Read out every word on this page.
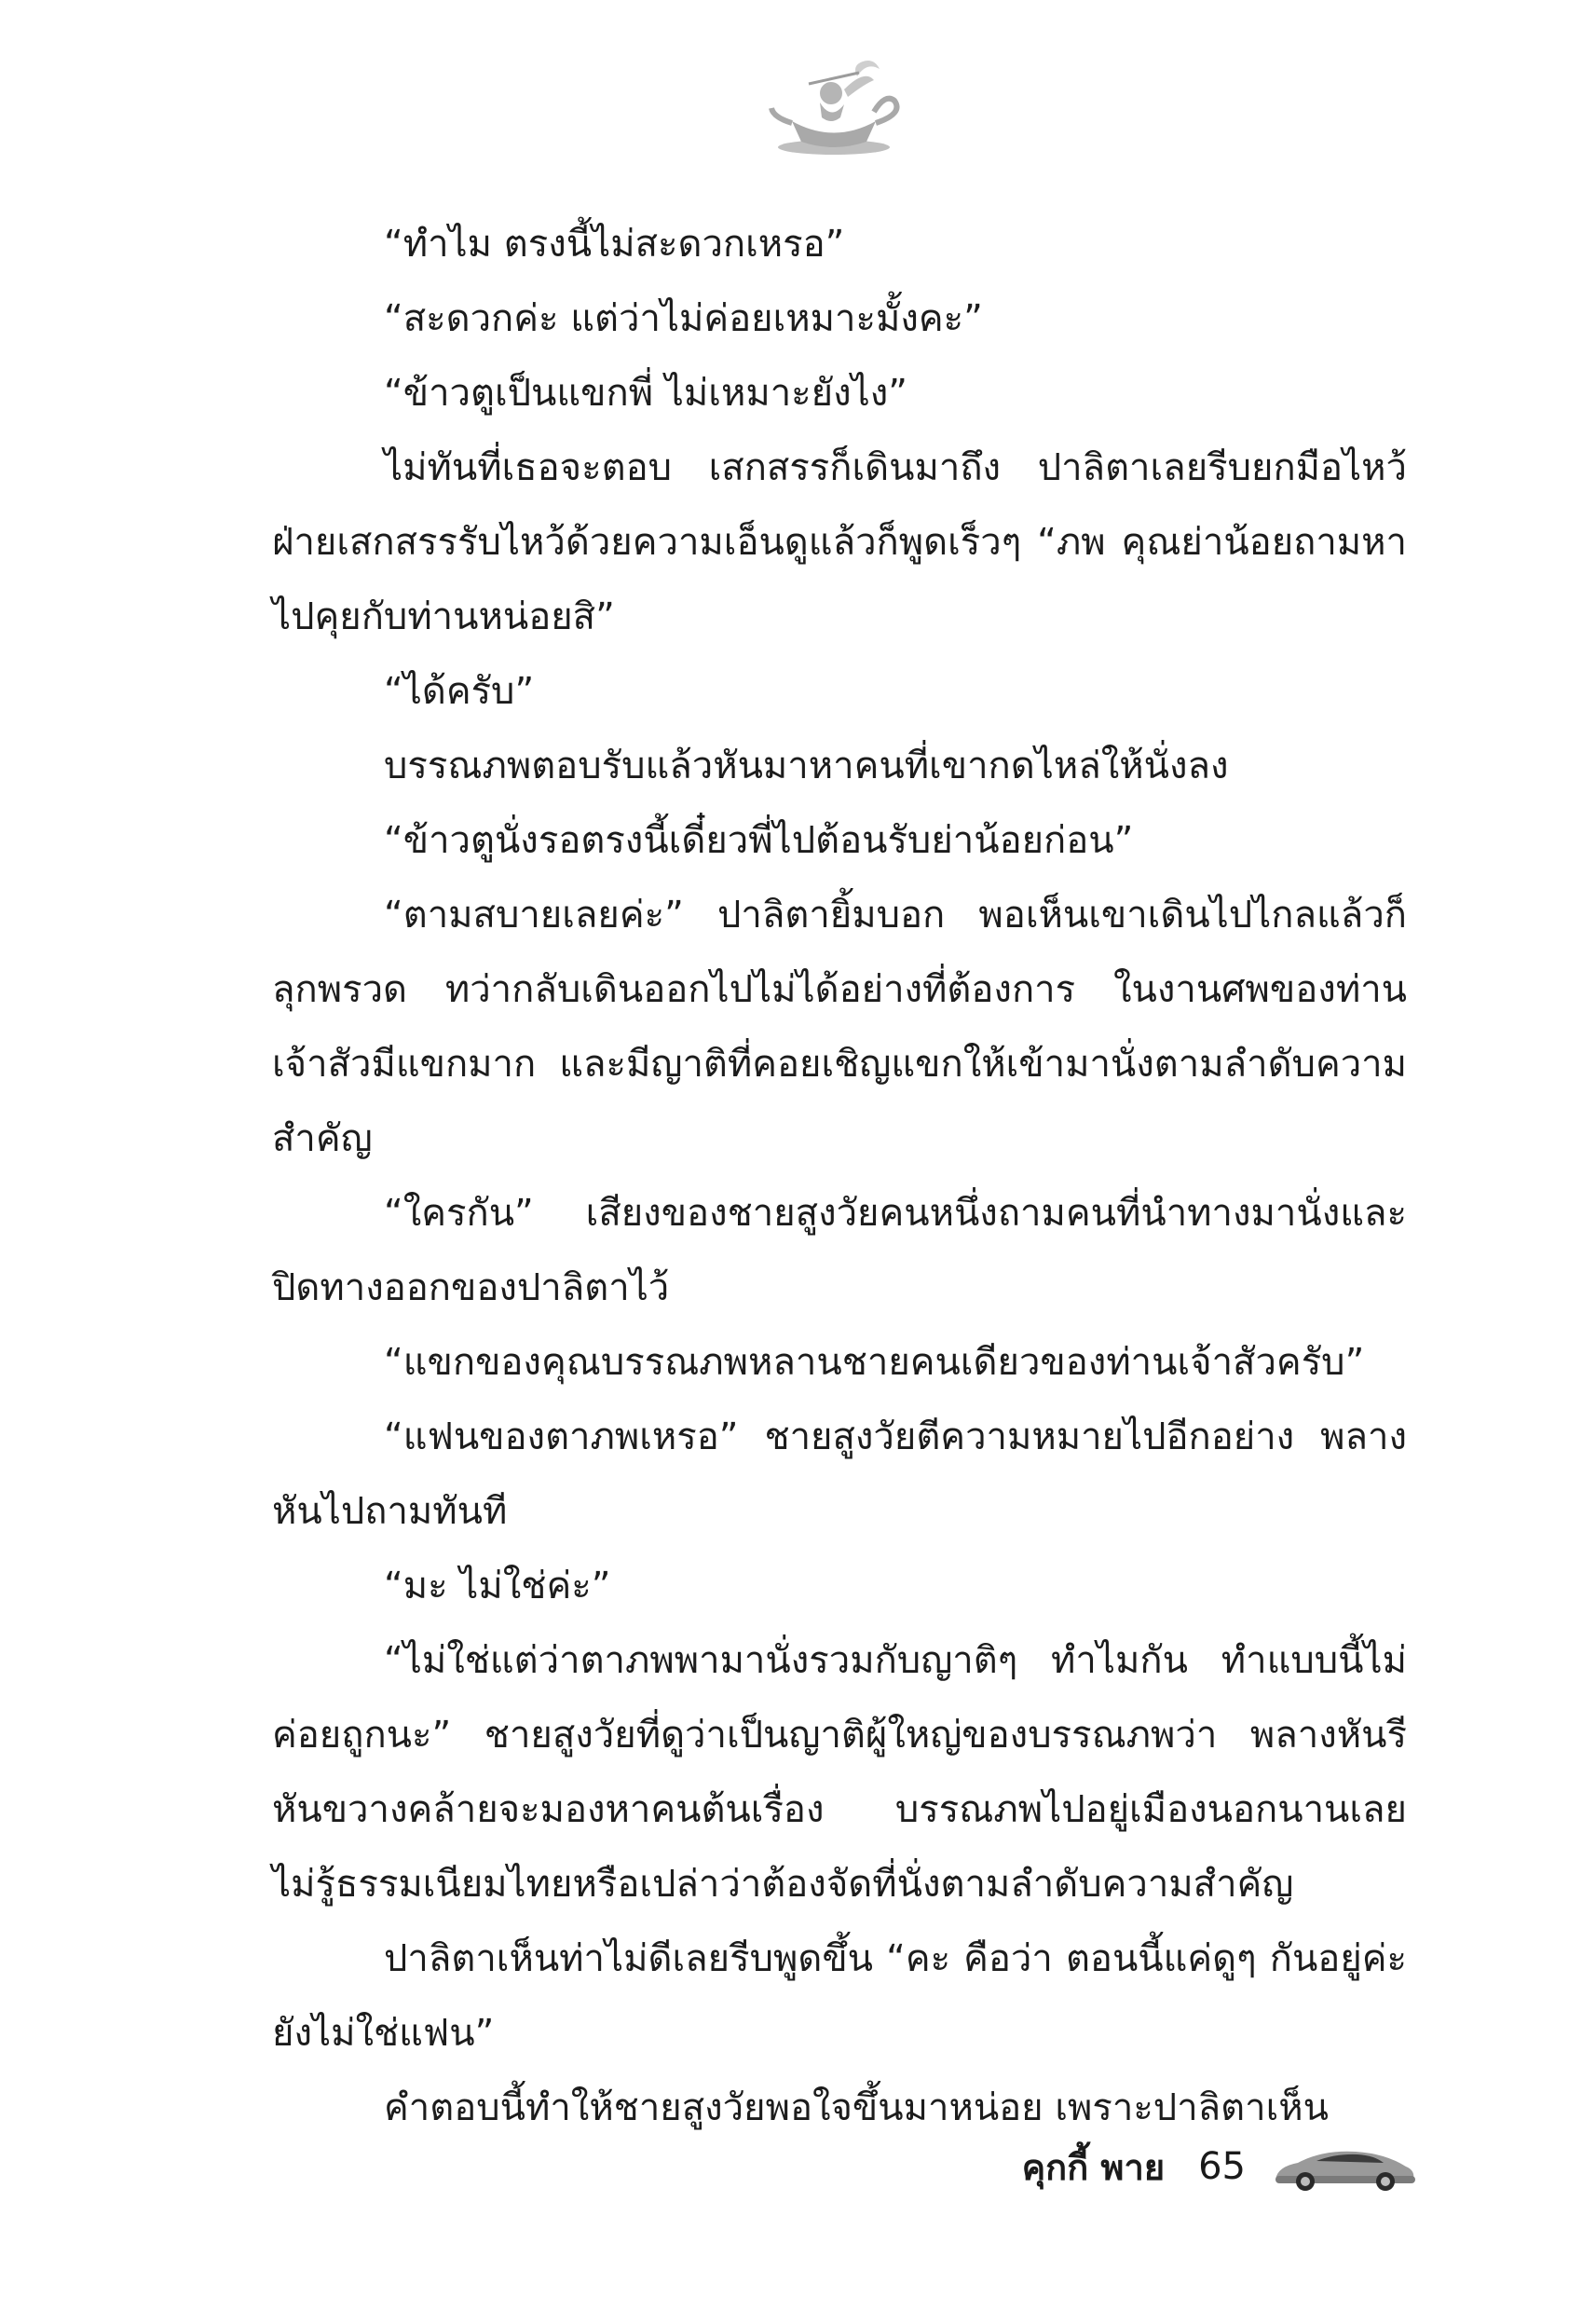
“ทำไม ตรงนี้ไม่สะดวกเหรอ”

“สะดวกค่ะ แต่ว่าไม่ค่อยเหมาะมั้งคะ”

“ข้าวตูเป็นแขกพี่ ไม่เหมาะยังไง”

ไม่ทันที่เธอจะตอบ เสกสรรก็เดินมาถึง ปาลิตาเลยรีบยกมือไหว้ ฝ่ายเสกสรรรับไหว้ด้วยความเอ็นดูแล้วก็พูดเร็วๆ “ภพ คุณย่าน้อยถามหา ไปคุยกับท่านหน่อยสิ”

“ได้ครับ”

บรรณภพตอบรับแล้วหันมาหาคนที่เขากดไหล่ให้นั่งลง

“ข้าวตูนั่งรอตรงนี้เดี๋ยวพี่ไปต้อนรับย่าน้อยก่อน”

“ตามสบายเลยค่ะ” ปาลิตายิ้มบอก พอเห็นเขาเดินไปไกลแล้วก็ลุกพรวด ทว่ากลับเดินออกไปไม่ได้อย่างที่ต้องการ ในงานศพของท่านเจ้าสัวมีแขกมาก และมีญาติที่คอยเชิญแขกให้เข้ามานั่งตามลำดับความสำคัญ

“ใครกัน” เสียงของชายสูงวัยคนหนึ่งถามคนที่นำทางมานั่งและปิดทางออกของปาลิตาไว้

“แขกของคุณบรรณภพหลานชายคนเดียวของท่านเจ้าสัวครับ”

“แฟนของตาภพเหรอ” ชายสูงวัยตีความหมายไปอีกอย่าง พลางหันไปถามทันที

“มะ ไม่ใช่ค่ะ”

“ไม่ใช่แต่ว่าตาภพพามานั่งรวมกับญาติๆ ทำไมกัน ทำแบบนี้ไม่ค่อยถูกนะ” ชายสูงวัยที่ดูว่าเป็นญาติผู้ใหญ่ของบรรณภพว่า พลางหันรีหันขวางคล้ายจะมองหาคนต้นเรื่อง บรรณภพไปอยู่เมืองนอกนานเลยไม่รู้ธรรมเนียมไทยหรือเปล่าว่าต้องจัดที่นั่งตามลำดับความสำคัญ

ปาลิตาเห็นท่าไม่ดีเลยรีบพูดขึ้น “คะ คือว่า ตอนนี้แค่ดูๆ กันอยู่ค่ะ ยังไม่ใช่แฟน”

คำตอบนี้ทำให้ชายสูงวัยพอใจขึ้นมาหน่อย เพราะปาลิตาเห็น

คุกกี้ พาย 65
